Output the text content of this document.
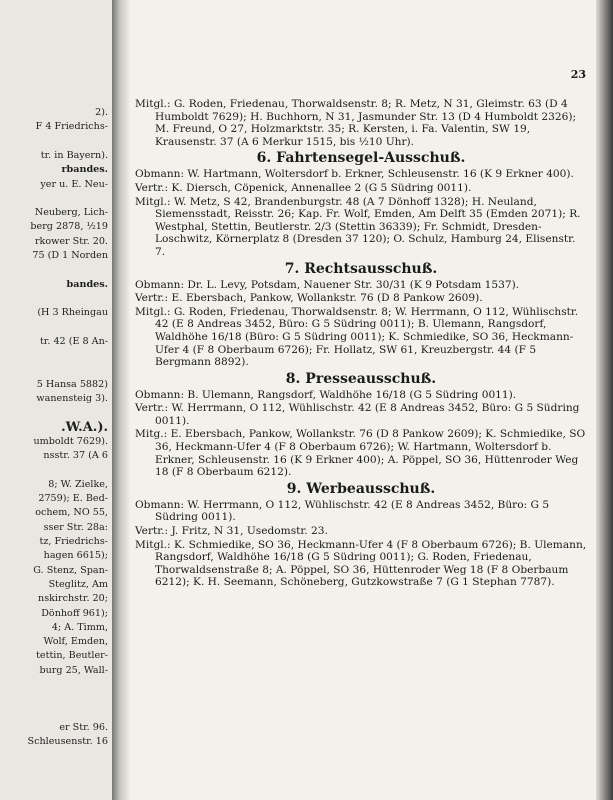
2).
F 4 Friedrichs-
tr. in Bayern).
rbandes.
yer u. E. Neu-
Neuberg, Lich-
berg 2878, ½19
rkower Str. 20.
75 (D 1 Norden
bandes.
(H 3 Rheingau
tr. 42 (E 8 An-
5 Hansa 5882)
wanensteig 3).
.W.A.).
umboldt 7629).
nsstr. 37 (A 6
8; W. Zielke,
2759); E. Bed-
ochem, NO 55,
sser Str. 28a:
tz, Friedrichs-
hagen 6615);
G. Stenz, Span-
Steglitz, Am
nskirchstr. 20;
Dönhoff 961);
4; A. Timm,
Wolf, Emden,
tettin, Beutler-
burg 25, Wall-
er Str. 96.
Schleusenstr. 16
23
Mitgl.: G. Roden, Friedenau, Thorwaldsenstr. 8; R. Metz, N 31, Gleimstr. 63 (D 4 Humboldt 7629); H. Buchhorn, N 31, Jasmunder Str. 13 (D 4 Humboldt 2326); M. Freund, O 27, Holzmarktstr. 35; R. Kersten, i. Fa. Valentin, SW 19, Krausenstr. 37 (A 6 Merkur 1515, bis ½10 Uhr).
6. Fahrtensegel-Ausschuß.
Obmann: W. Hartmann, Woltersdorf b. Erkner, Schleusenstr. 16 (K 9 Erkner 400).
Vertr.: K. Diersch, Cöpenick, Annenallee 2 (G 5 Südring 0011).
Mitgl.: W. Metz, S 42, Brandenburgstr. 48 (A 7 Dönhoff 1328); H. Neuland, Siemensstadt, Reisstr. 26; Kap. Fr. Wolf, Emden, Am Delft 35 (Emden 2071); R. Westphal, Stettin, Beutlerstr. 2/3 (Stettin 36339); Fr. Schmidt, Dresden-Loschwitz, Körnerplatz 8 (Dresden 37 120); O. Schulz, Hamburg 24, Elisenstr. 7.
7. Rechtsausschuß.
Obmann: Dr. L. Levy, Potsdam, Nauener Str. 30/31 (K 9 Potsdam 1537).
Vertr.: E. Ebersbach, Pankow, Wollankstr. 76 (D 8 Pankow 2609).
Mitgl.: G. Roden, Friedenau, Thorwaldsenstr. 8; W. Herrmann, O 112, Wühlischstr. 42 (E 8 Andreas 3452, Büro: G 5 Südring 0011); B. Ulemann, Rangsdorf, Waldhöhe 16/18 (Büro: G 5 Südring 0011); K. Schmiedike, SO 36, Heckmann-Ufer 4 (F 8 Oberbaum 6726); Fr. Hollatz, SW 61, Kreuzbergstr. 44 (F 5 Bergmann 8892).
8. Presseausschuß.
Obmann: B. Ulemann, Rangsdorf, Waldhöhe 16/18 (G 5 Südring 0011).
Vertr.: W. Herrmann, O 112, Wühlischstr. 42 (E 8 Andreas 3452, Büro: G 5 Südring 0011).
Mitg.: E. Ebersbach, Pankow, Wollankstr. 76 (D 8 Pankow 2609); K. Schmiedike, SO 36, Heckmann-Ufer 4 (F 8 Oberbaum 6726); W. Hartmann, Woltersdorf b. Erkner, Schleusenstr. 16 (K 9 Erkner 400); A. Pöppel, SO 36, Hüttenroder Weg 18 (F 8 Oberbaum 6212).
9. Werbeausschuß.
Obmann: W. Herrmann, O 112, Wühlischstr. 42 (E 8 Andreas 3452, Büro: G 5 Südring 0011).
Vertr.: J. Fritz, N 31, Usedomstr. 23.
Mitgl.: K. Schmiedike, SO 36, Heckmann-Ufer 4 (F 8 Oberbaum 6726); B. Ulemann, Rangsdorf, Waldhöhe 16/18 (G 5 Südring 0011); G. Roden, Friedenau, Thorwaldsenstraße 8; A. Pöppel, SO 36, Hüttenroder Weg 18 (F 8 Oberbaum 6212); K. H. Seemann, Schöneberg, Gutzkowstraße 7 (G 1 Stephan 7787).
